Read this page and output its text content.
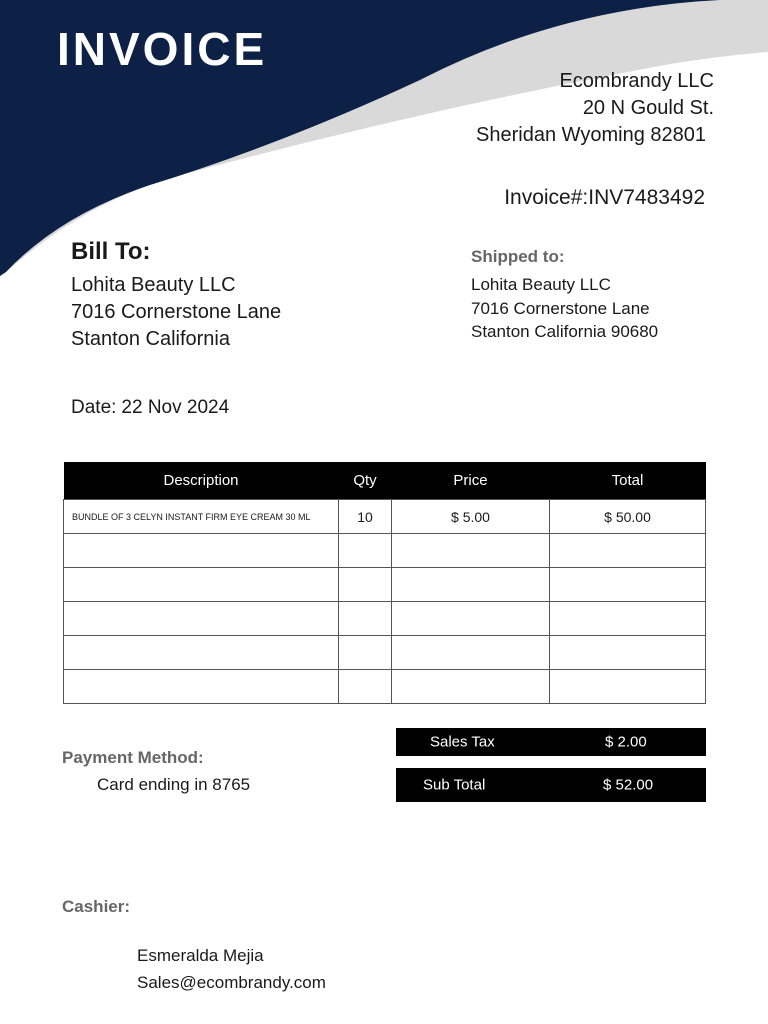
INVOICE
Ecombrandy LLC
20 N Gould St.
Sheridan Wyoming 82801
Invoice#:INV7483492
Bill To:
Lohita Beauty LLC
7016 Cornerstone Lane
Stanton California
Shipped to:
Lohita Beauty LLC
7016 Cornerstone Lane
Stanton California 90680
Date: 22 Nov 2024
Description	Qty	Price	Total
BUNDLE OF 3 CELYN INSTANT FIRM EYE CREAM 30 ML	10	$ 5.00	$ 50.00

Payment Method:
Card ending in 8765
Sales Tax	$ 2.00
Sub Total	$ 52.00
Cashier:
Esmeralda Mejia
Sales@ecombrandy.com
